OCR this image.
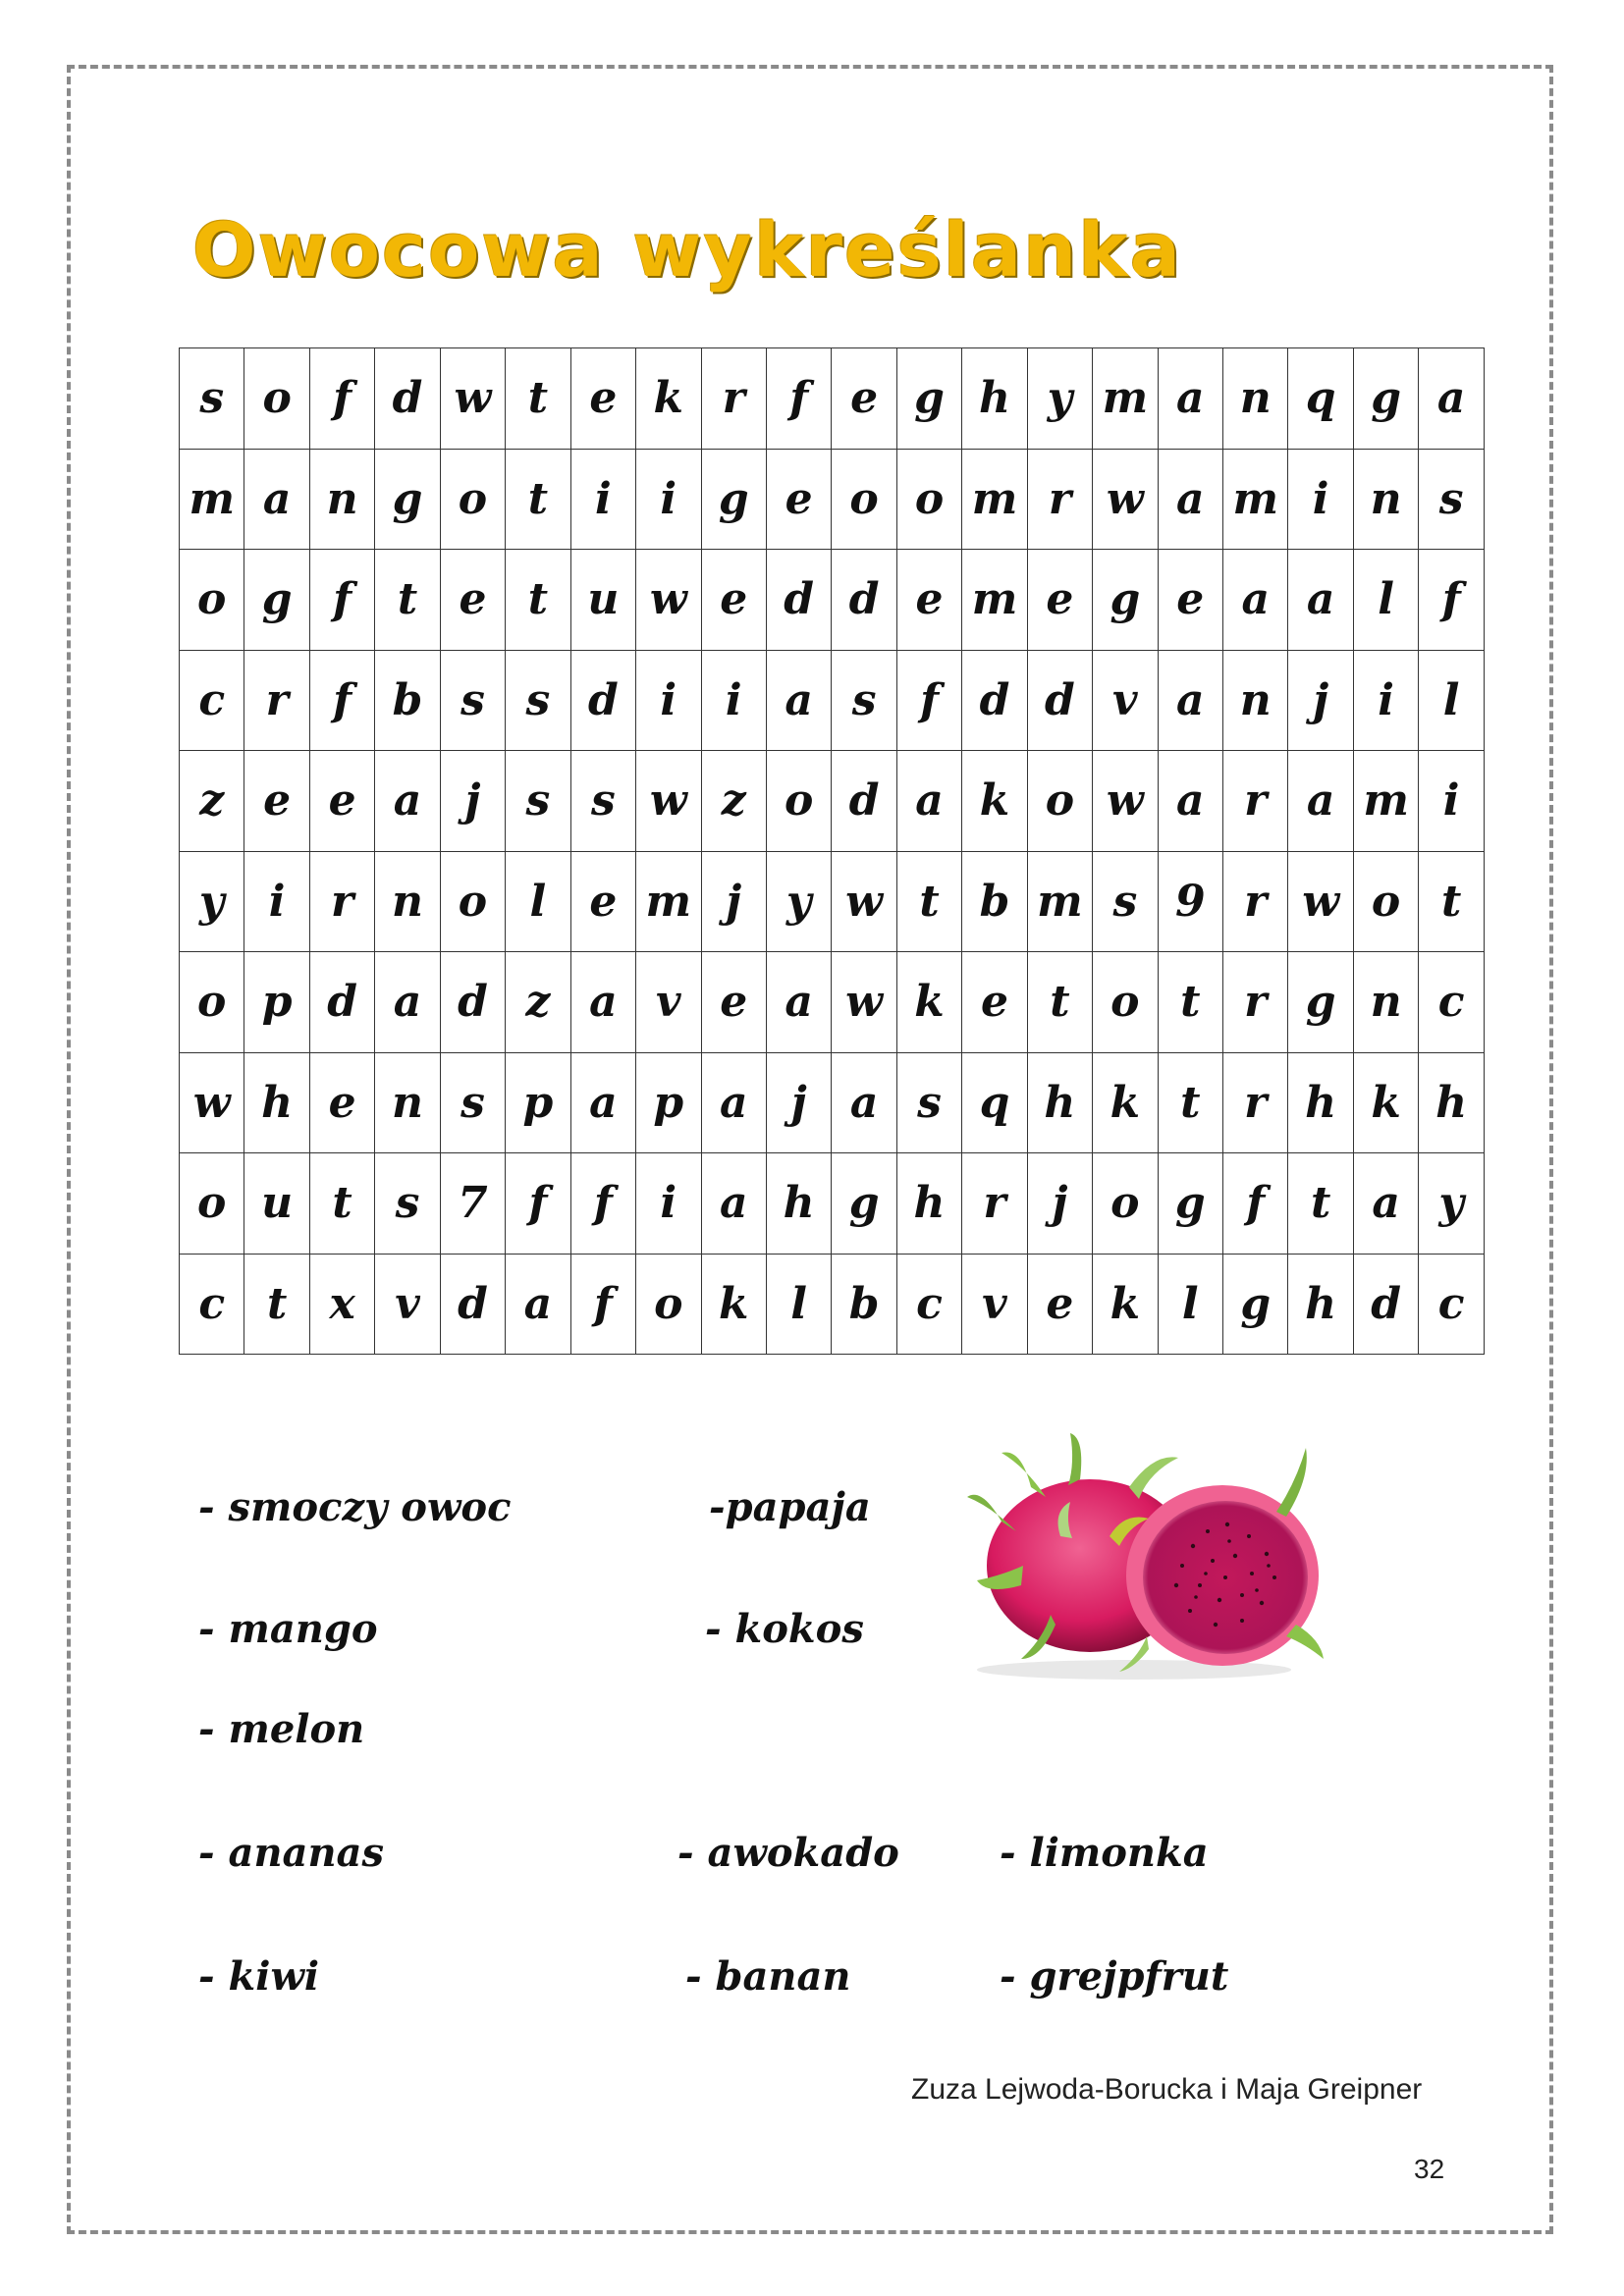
Owocowa wykreślanka
s	o	f	d	w	t	e	k	r	f	e	g	h	y	m	a	n	q	g	a
m	a	n	g	o	t	i	i	g	e	o	o	m	r	w	a	m	i	n	s
o	g	f	t	e	t	u	w	e	d	d	e	m	e	g	e	a	a	l	f
c	r	f	b	s	s	d	i	i	a	s	f	d	d	v	a	n	j	i	l
z	e	e	a	j	s	s	w	z	o	d	a	k	o	w	a	r	a	m	i
y	i	r	n	o	l	e	m	j	y	w	t	b	m	s	9	r	w	o	t
o	p	d	a	d	z	a	v	e	a	w	k	e	t	o	t	r	g	n	c
w	h	e	n	s	p	a	p	a	j	a	s	q	h	k	t	r	h	k	h
o	u	t	s	7	f	f	i	a	h	g	h	r	j	o	g	f	t	a	y
c	t	x	v	d	a	f	o	k	l	b	c	v	e	k	l	g	h	d	c
- smoczy owoc	-papaja
- mango	- kokos
- melon
- ananas	- awokado	- limonka
- kiwi	- banan	- grejpfrut
Zuza Lejwoda-Borucka i Maja Greipner
32
